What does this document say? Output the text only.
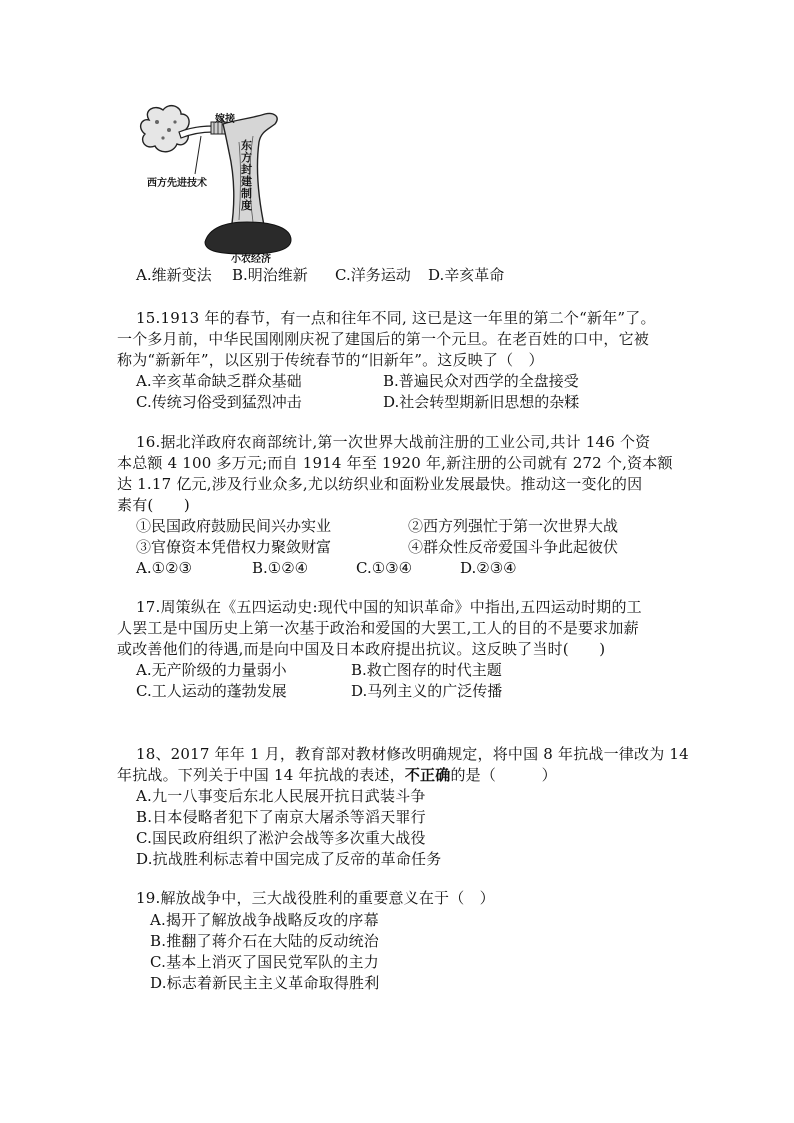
嫁接
西方先进技术
东方封建制度
小农经济
A.维新变法 B.明治维新 C.洋务运动 D.辛亥革命
15.1913 年的春节，有一点和往年不同, 这已是这一年里的第二个“新年”了。
一个多月前，中华民国刚刚庆祝了建国后的第一个元旦。在老百姓的口中，它被
称为“新新年”，以区别于传统春节的“旧新年”。这反映了（　）
A.辛亥革命缺乏群众基础	B.普遍民众对西学的全盘接受
C.传统习俗受到猛烈冲击	D.社会转型期新旧思想的杂糅
16.据北洋政府农商部统计,第一次世界大战前注册的工业公司,共计 146 个资
本总额 4 100 多万元;而自 1914 年至 1920 年,新注册的公司就有 272 个,资本额
达 1.17 亿元,涉及行业众多,尤以纺织业和面粉业发展最快。推动这一变化的因
素有(　　)
①民国政府鼓励民间兴办实业	②西方列强忙于第一次世界大战
③官僚资本凭借权力聚敛财富	④群众性反帝爱国斗争此起彼伏
A.①②③	B.①②④	C.①③④	D.②③④
17.周策纵在《五四运动史:现代中国的知识革命》中指出,五四运动时期的工
人罢工是中国历史上第一次基于政治和爱国的大罢工,工人的目的不是要求加薪
或改善他们的待遇,而是向中国及日本政府提出抗议。这反映了当时(　　)
A.无产阶级的力量弱小	B.救亡图存的时代主题
C.工人运动的蓬勃发展	D.马列主义的广泛传播
18、2017 年年 1 月，教育部对教材修改明确规定，将中国 8 年抗战一律改为 14
年抗战。下列关于中国 14 年抗战的表述，不正确的是（　　　）
A.九一八事变后东北人民展开抗日武装斗争
B.日本侵略者犯下了南京大屠杀等滔天罪行
C.国民政府组织了淞沪会战等多次重大战役
D.抗战胜利标志着中国完成了反帝的革命任务
19.解放战争中，三大战役胜利的重要意义在于（　）
A.揭开了解放战争战略反攻的序幕
B.推翻了蒋介石在大陆的反动统治
C.基本上消灭了国民党军队的主力
D.标志着新民主主义革命取得胜利
